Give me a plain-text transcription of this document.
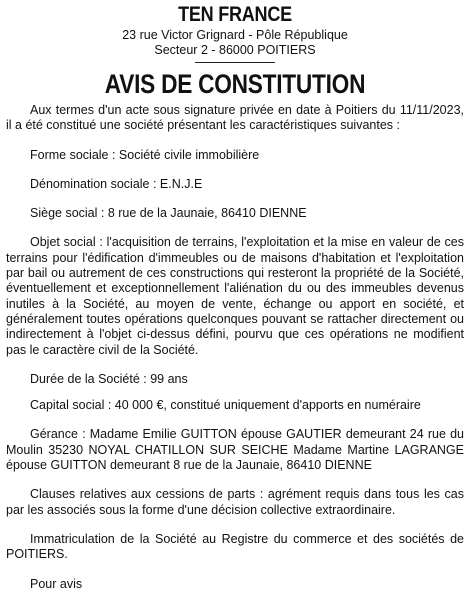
TEN FRANCE
23 rue Victor Grignard - Pôle République
Secteur 2 - 86000 POITIERS
AVIS DE CONSTITUTION

Aux termes d'un acte sous signature privée en date à Poitiers du 11/11/2023, il a été constitué une société présentant les caractéristiques suivantes :

Forme sociale : Société civile immobilière

Dénomination sociale : E.N.J.E

Siège social : 8 rue de la Jaunaie, 86410 DIENNE

Objet social : l'acquisition de terrains, l'exploitation et la mise en valeur de ces terrains pour l'édification d'immeubles ou de maisons d'habitation et l'exploitation par bail ou autrement de ces constructions qui resteront la propriété de la Société, éventuellement et exceptionnellement l'aliénation du ou des immeubles devenus inutiles à la Société, au moyen de vente, échange ou apport en société, et généralement toutes opérations quelconques pouvant se rattacher directement ou indirectement à l'objet ci-dessus défini, pourvu que ces opérations ne modifient pas le caractère civil de la Société.

Durée de la Société : 99 ans

Capital social : 40 000 €, constitué uniquement d'apports en numéraire

Gérance : Madame Emilie GUITTON épouse GAUTIER demeurant 24 rue du Moulin 35230 NOYAL CHATILLON SUR SEICHE Madame Martine LAGRANGE épouse GUITTON demeurant 8 rue de la Jaunaie, 86410 DIENNE

Clauses relatives aux cessions de parts : agrément requis dans tous les cas par les associés sous la forme d'une décision collective extraordinaire.

Immatriculation de la Société au Registre du commerce et des sociétés de POITIERS.

Pour avis
